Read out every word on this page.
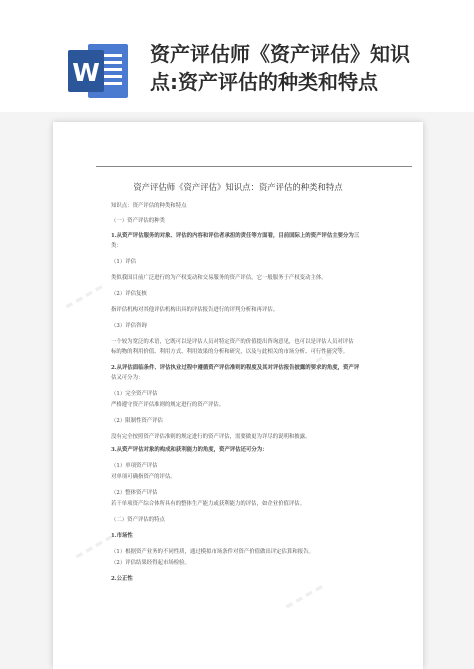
W
资产评估师《资产评估》知识
点:资产评估的种类和特点
▬ ▬ ▬ ▬
▬ ▬ ▬ ▬
▬ ▬ ▬ ▬
▬ ▬ ▬ ▬

资产评估师《资产评估》知识点：资产评估的种类和特点

知识点：资产评估的种类和特点

（一）资产评估的种类

1.从资产评估服务的对象、评估的内容和评估者承担的责任等方面看，目前国际上的资产评估主要分为三

类：

（1）评估

类似我国目前广泛进行的为产权变动和交易服务的资产评估，它一般服务于产权变动主体。

（2）评估复核

指评估机构对其他评估机构出具的评估报告进行的评判分析和再评估。

（3）评估咨询

一个较为宽泛的术语，它既可以是评估人员对特定资产的价值提出咨询意见，也可以是评估人员对评估

标的物的利用价值、利用方式、利用效果的分析和研究，以及与此相关的市场分析、可行性研究等。

2.从评估面临条件、评估执业过程中遵循资产评估准则的程度及其对评估报告披露的要求的角度，资产评

估又可分为：

（1）完全资产评估

严格遵守资产评估准则的规定进行的资产评估。

（2）限制性资产评估

没有完全按照资产评估准则的规定进行的资产评估，需要做更为详尽的说明和披露。

3.从资产评估对象的构成和获利能力的角度，资产评估还可分为：

（1）单项资产评估

对单项可确指资产的评估。

（2）整体资产评估

若干单项资产综合体所具有的整体生产能力或获利能力的评估，如企业价值评估。

（二）资产评估的特点

1.市场性

（1）根据资产业务的不同性质，通过模拟市场条件对资产价值做出评定估算和报告。

（2）评估结果经得起市场检验。

2.公正性
